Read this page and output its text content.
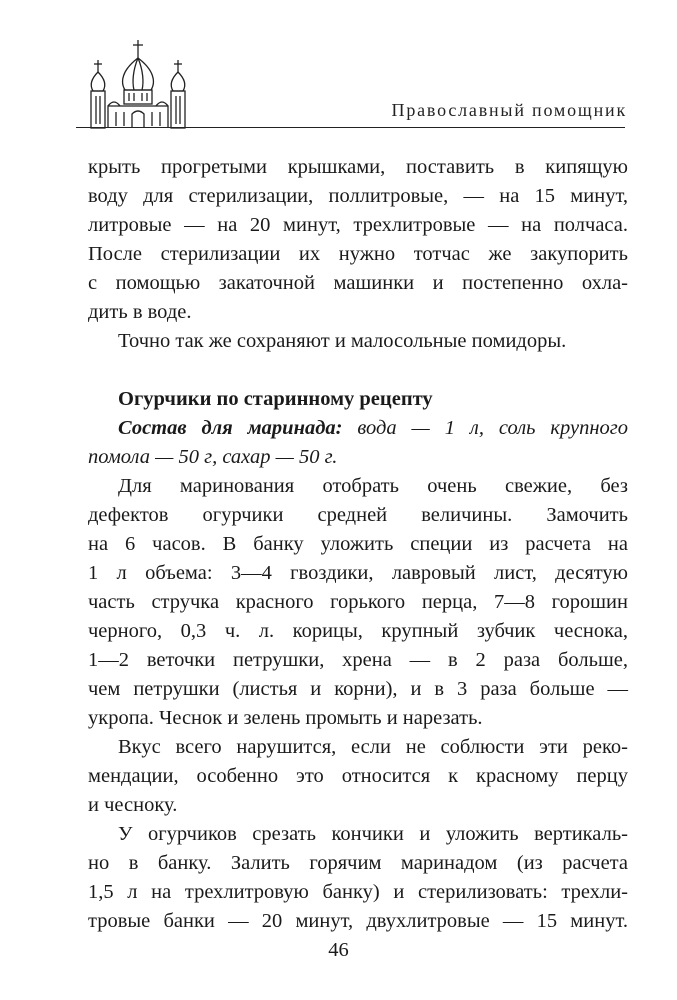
Православный помощник
крыть прогретыми крышками, поставить в кипящую
воду для стерилизации, поллитровые, — на 15 минут,
литровые — на 20 минут, трехлитровые — на полчаса.
После стерилизации их нужно тотчас же закупорить
с помощью закаточной машинки и постепенно охла-
дить в воде.
Точно так же сохраняют и малосольные помидоры.
Огурчики по старинному рецепту
Состав для маринада: вода — 1 л, соль крупного
помола — 50 г, сахар — 50 г.
Для маринования отобрать очень свежие, без
дефектов огурчики средней величины. Замочить
на 6 часов. В банку уложить специи из расчета на
1 л объема: 3—4 гвоздики, лавровый лист, десятую
часть стручка красного горького перца, 7—8 горошин
черного, 0,3 ч. л. корицы, крупный зубчик чеснока,
1—2 веточки петрушки, хрена — в 2 раза больше,
чем петрушки (листья и корни), и в 3 раза больше —
укропа. Чеснок и зелень промыть и нарезать.
Вкус всего нарушится, если не соблюсти эти реко-
мендации, особенно это относится к красному перцу
и чесноку.
У огурчиков срезать кончики и уложить вертикаль-
но в банку. Залить горячим маринадом (из расчета
1,5 л на трехлитровую банку) и стерилизовать: трехли-
тровые банки — 20 минут, двухлитровые — 15 минут.
46
